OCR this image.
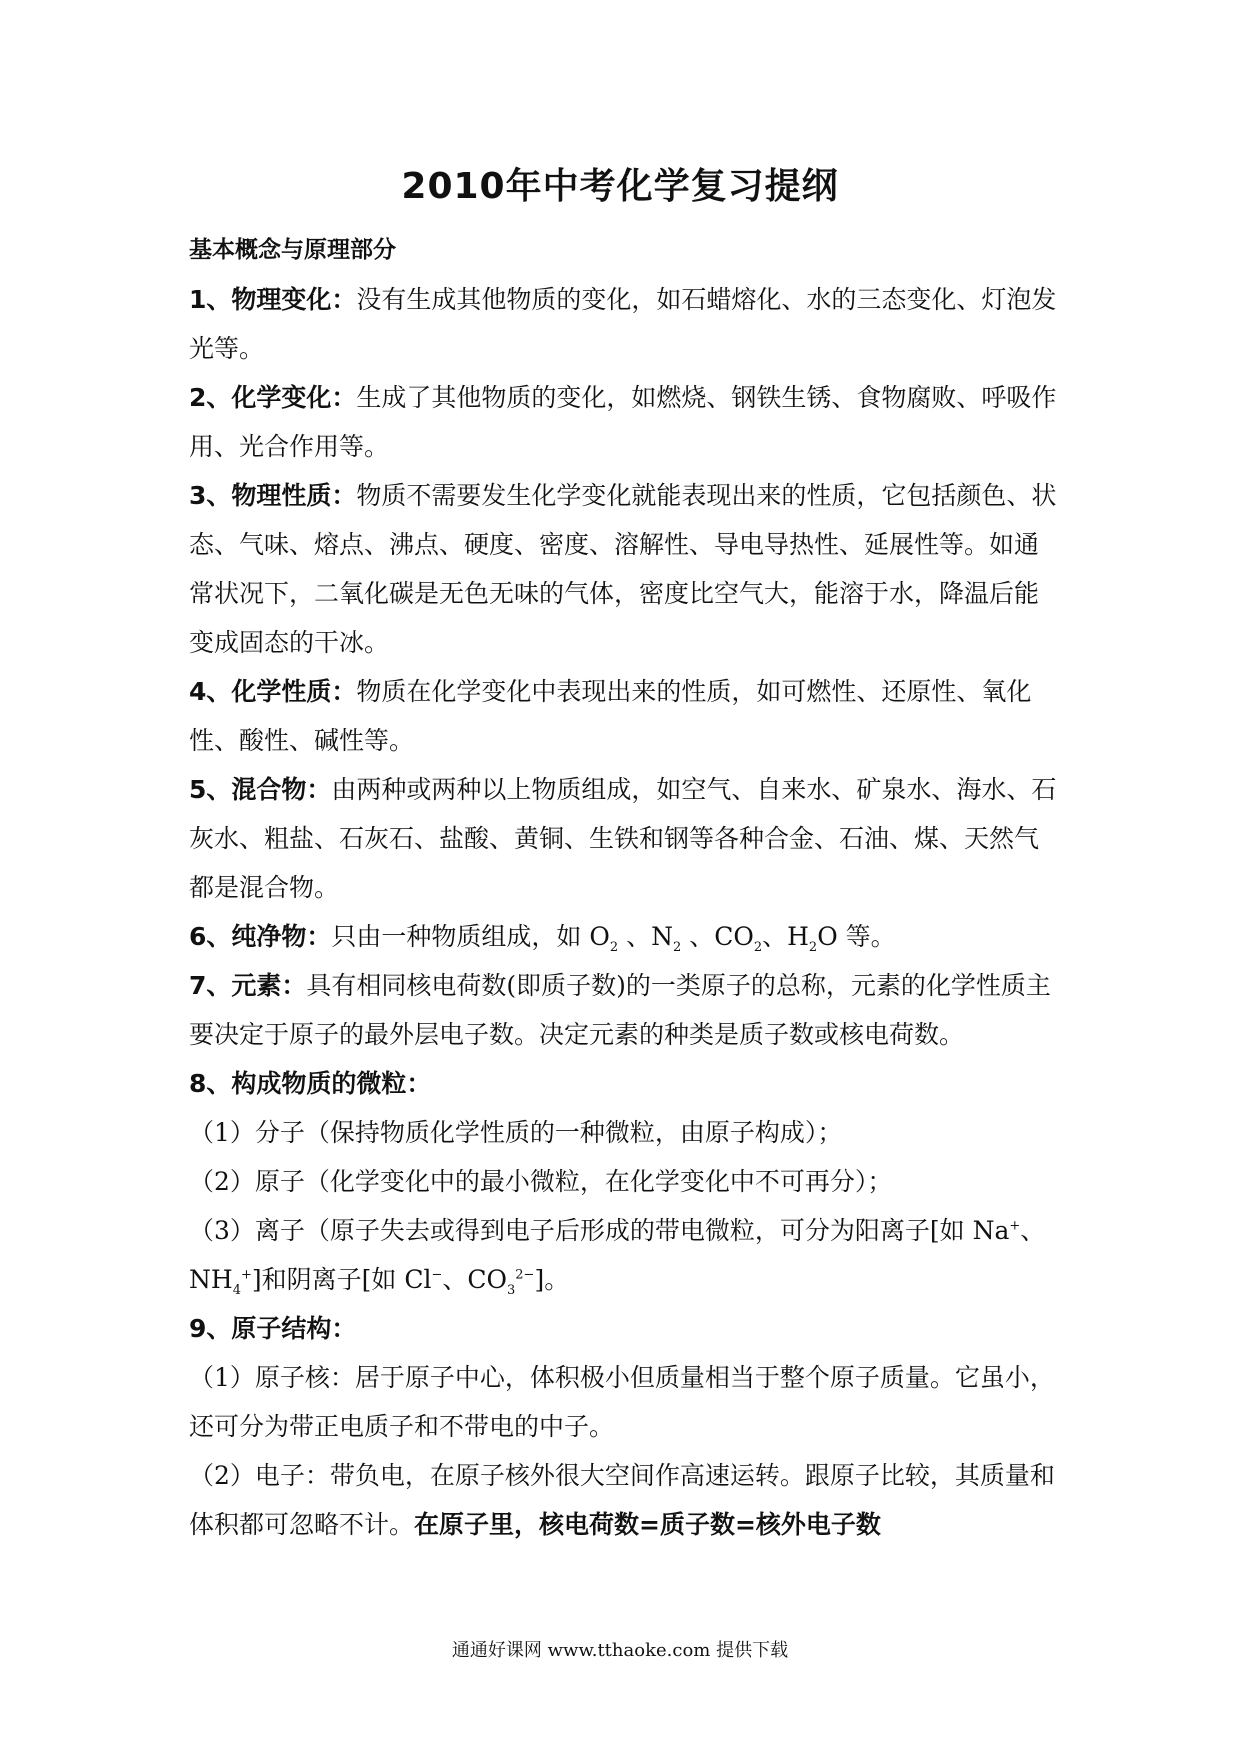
2010年中考化学复习提纲
基本概念与原理部分

1、物理变化：没有生成其他物质的变化，如石蜡熔化、水的三态变化、灯泡发光等。

2、化学变化：生成了其他物质的变化，如燃烧、钢铁生锈、食物腐败、呼吸作用、光合作用等。

3、物理性质：物质不需要发生化学变化就能表现出来的性质，它包括颜色、状态、气味、熔点、沸点、硬度、密度、溶解性、导电导热性、延展性等。如通常状况下，二氧化碳是无色无味的气体，密度比空气大，能溶于水，降温后能变成固态的干冰。

4、化学性质：物质在化学变化中表现出来的性质，如可燃性、还原性、氧化性、酸性、碱性等。

5、混合物：由两种或两种以上物质组成，如空气、自来水、矿泉水、海水、石灰水、粗盐、石灰石、盐酸、黄铜、生铁和钢等各种合金、石油、煤、天然气都是混合物。

6、纯净物：只由一种物质组成，如 $O_2$ 、$N_2$ 、$CO_2$、$H_2O$ 等。

7、元素：具有相同核电荷数(即质子数)的一类原子的总称，元素的化学性质主要决定于原子的最外层电子数。决定元素的种类是质子数或核电荷数。

8、构成物质的微粒：

（1）分子（保持物质化学性质的一种微粒，由原子构成）；

（2）原子（化学变化中的最小微粒，在化学变化中不可再分）；

（3）离子（原子失去或得到电子后形成的带电微粒，可分为阳离子[如 Na+、$NH_4^+$]和阴离子[如 Cl−、$CO_3^{2-}$]。

9、原子结构：

（1）原子核：居于原子中心，体积极小但质量相当于整个原子质量。它虽小，还可分为带正电质子和不带电的中子。

（2）电子：带负电，在原子核外很大空间作高速运转。跟原子比较，其质量和体积都可忽略不计。在原子里，核电荷数=质子数=核外电子数

通通好课网 www.tthaoke.com 提供下载
